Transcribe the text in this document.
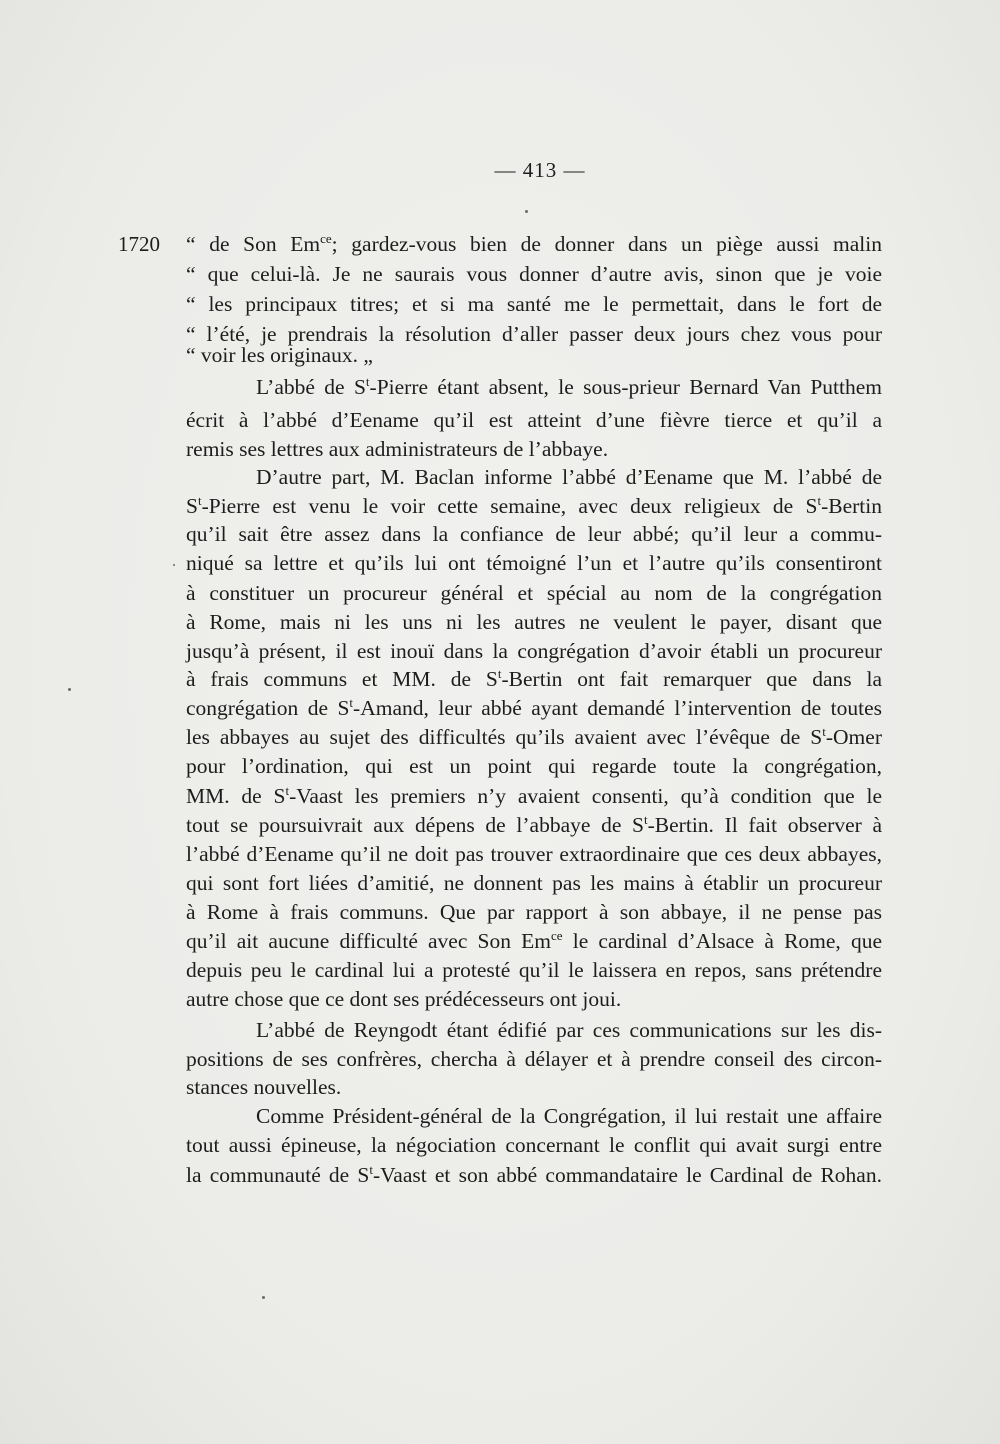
— 413 —
1720 “ de Son $Em^{ce}$; gardez-vous bien de donner dans un piège aussi malin
“ que celui-là. Je ne saurais vous donner d’autre avis, sinon que je voie
“ les principaux titres; et si ma santé me le permettait, dans le fort de
“ l’été, je prendrais la résolution d’aller passer deux jours chez vous pour
“ voir les originaux. „
L’abbé de $S^t$-Pierre étant absent, le sous-prieur Bernard Van Putthem
écrit à l’abbé d’Eename qu’il est atteint d’une fièvre tierce et qu’il a
remis ses lettres aux administrateurs de l’abbaye.
D’autre part, M. Baclan informe l’abbé d’Eename que M. l’abbé de
$S^t$-Pierre est venu le voir cette semaine, avec deux religieux de $S^t$-Bertin
qu’il sait être assez dans la confiance de leur abbé; qu’il leur a commu-
niqué sa lettre et qu’ils lui ont témoigné l’un et l’autre qu’ils consentiront
à constituer un procureur général et spécial au nom de la congrégation
à Rome, mais ni les uns ni les autres ne veulent le payer, disant que
jusqu’à présent, il est inouï dans la congrégation d’avoir établi un procureur
à frais communs et MM. de $S^t$-Bertin ont fait remarquer que dans la
congrégation de $S^t$-Amand, leur abbé ayant demandé l’intervention de toutes
les abbayes au sujet des difficultés qu’ils avaient avec l’évêque de $S^t$-Omer
pour l’ordination, qui est un point qui regarde toute la congrégation,
MM. de $S^t$-Vaast les premiers n’y avaient consenti, qu’à condition que le
tout se poursuivrait aux dépens de l’abbaye de $S^t$-Bertin. Il fait observer à
l’abbé d’Eename qu’il ne doit pas trouver extraordinaire que ces deux abbayes,
qui sont fort liées d’amitié, ne donnent pas les mains à établir un procureur
à Rome à frais communs. Que par rapport à son abbaye, il ne pense pas
qu’il ait aucune difficulté avec Son $Em^{ce}$ le cardinal d’Alsace à Rome, que
depuis peu le cardinal lui a protesté qu’il le laissera en repos, sans prétendre
autre chose que ce dont ses prédécesseurs ont joui.
L’abbé de Reyngodt étant édifié par ces communications sur les dis-
positions de ses confrères, chercha à délayer et à prendre conseil des circon-
stances nouvelles.
Comme Président-général de la Congrégation, il lui restait une affaire
tout aussi épineuse, la négociation concernant le conflit qui avait surgi entre
la communauté de $S^t$-Vaast et son abbé commandataire le Cardinal de Rohan.
